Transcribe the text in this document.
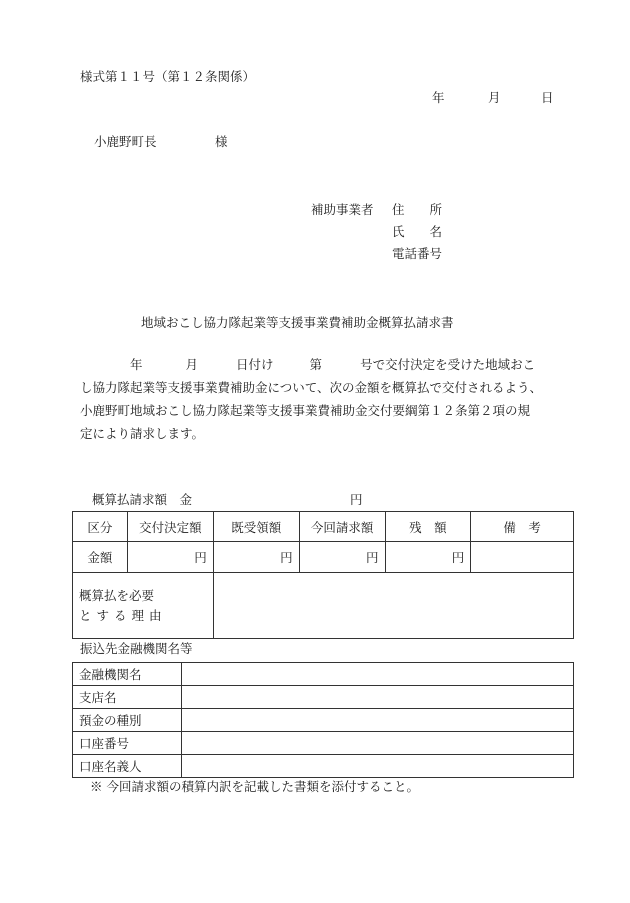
様式第１１号（第１２条関係）
年	月	日
小鹿野町長	様
補助事業者 住　　所
氏　　名
電話番号
地域おこし協力隊起業等支援事業費補助金概算払請求書
年	月	日付け	第	号で交付決定を受けた地域おこ
し協力隊起業等支援事業費補助金について、次の金額を概算払で交付されるよう、
小鹿野町地域おこし協力隊起業等支援事業費補助金交付要綱第１２条第２項の規
定により請求します。
概算払請求額　金	円
区分	交付決定額	既受領額	今回請求額	残　額	備　考
金額	円	円	円	円	
概算払を必要
とする理由					
振込先金融機関名等
金融機関名	
支店名	
預金の種別	
口座番号	
口座名義人	
※ 今回請求額の積算内訳を記載した書類を添付すること。
